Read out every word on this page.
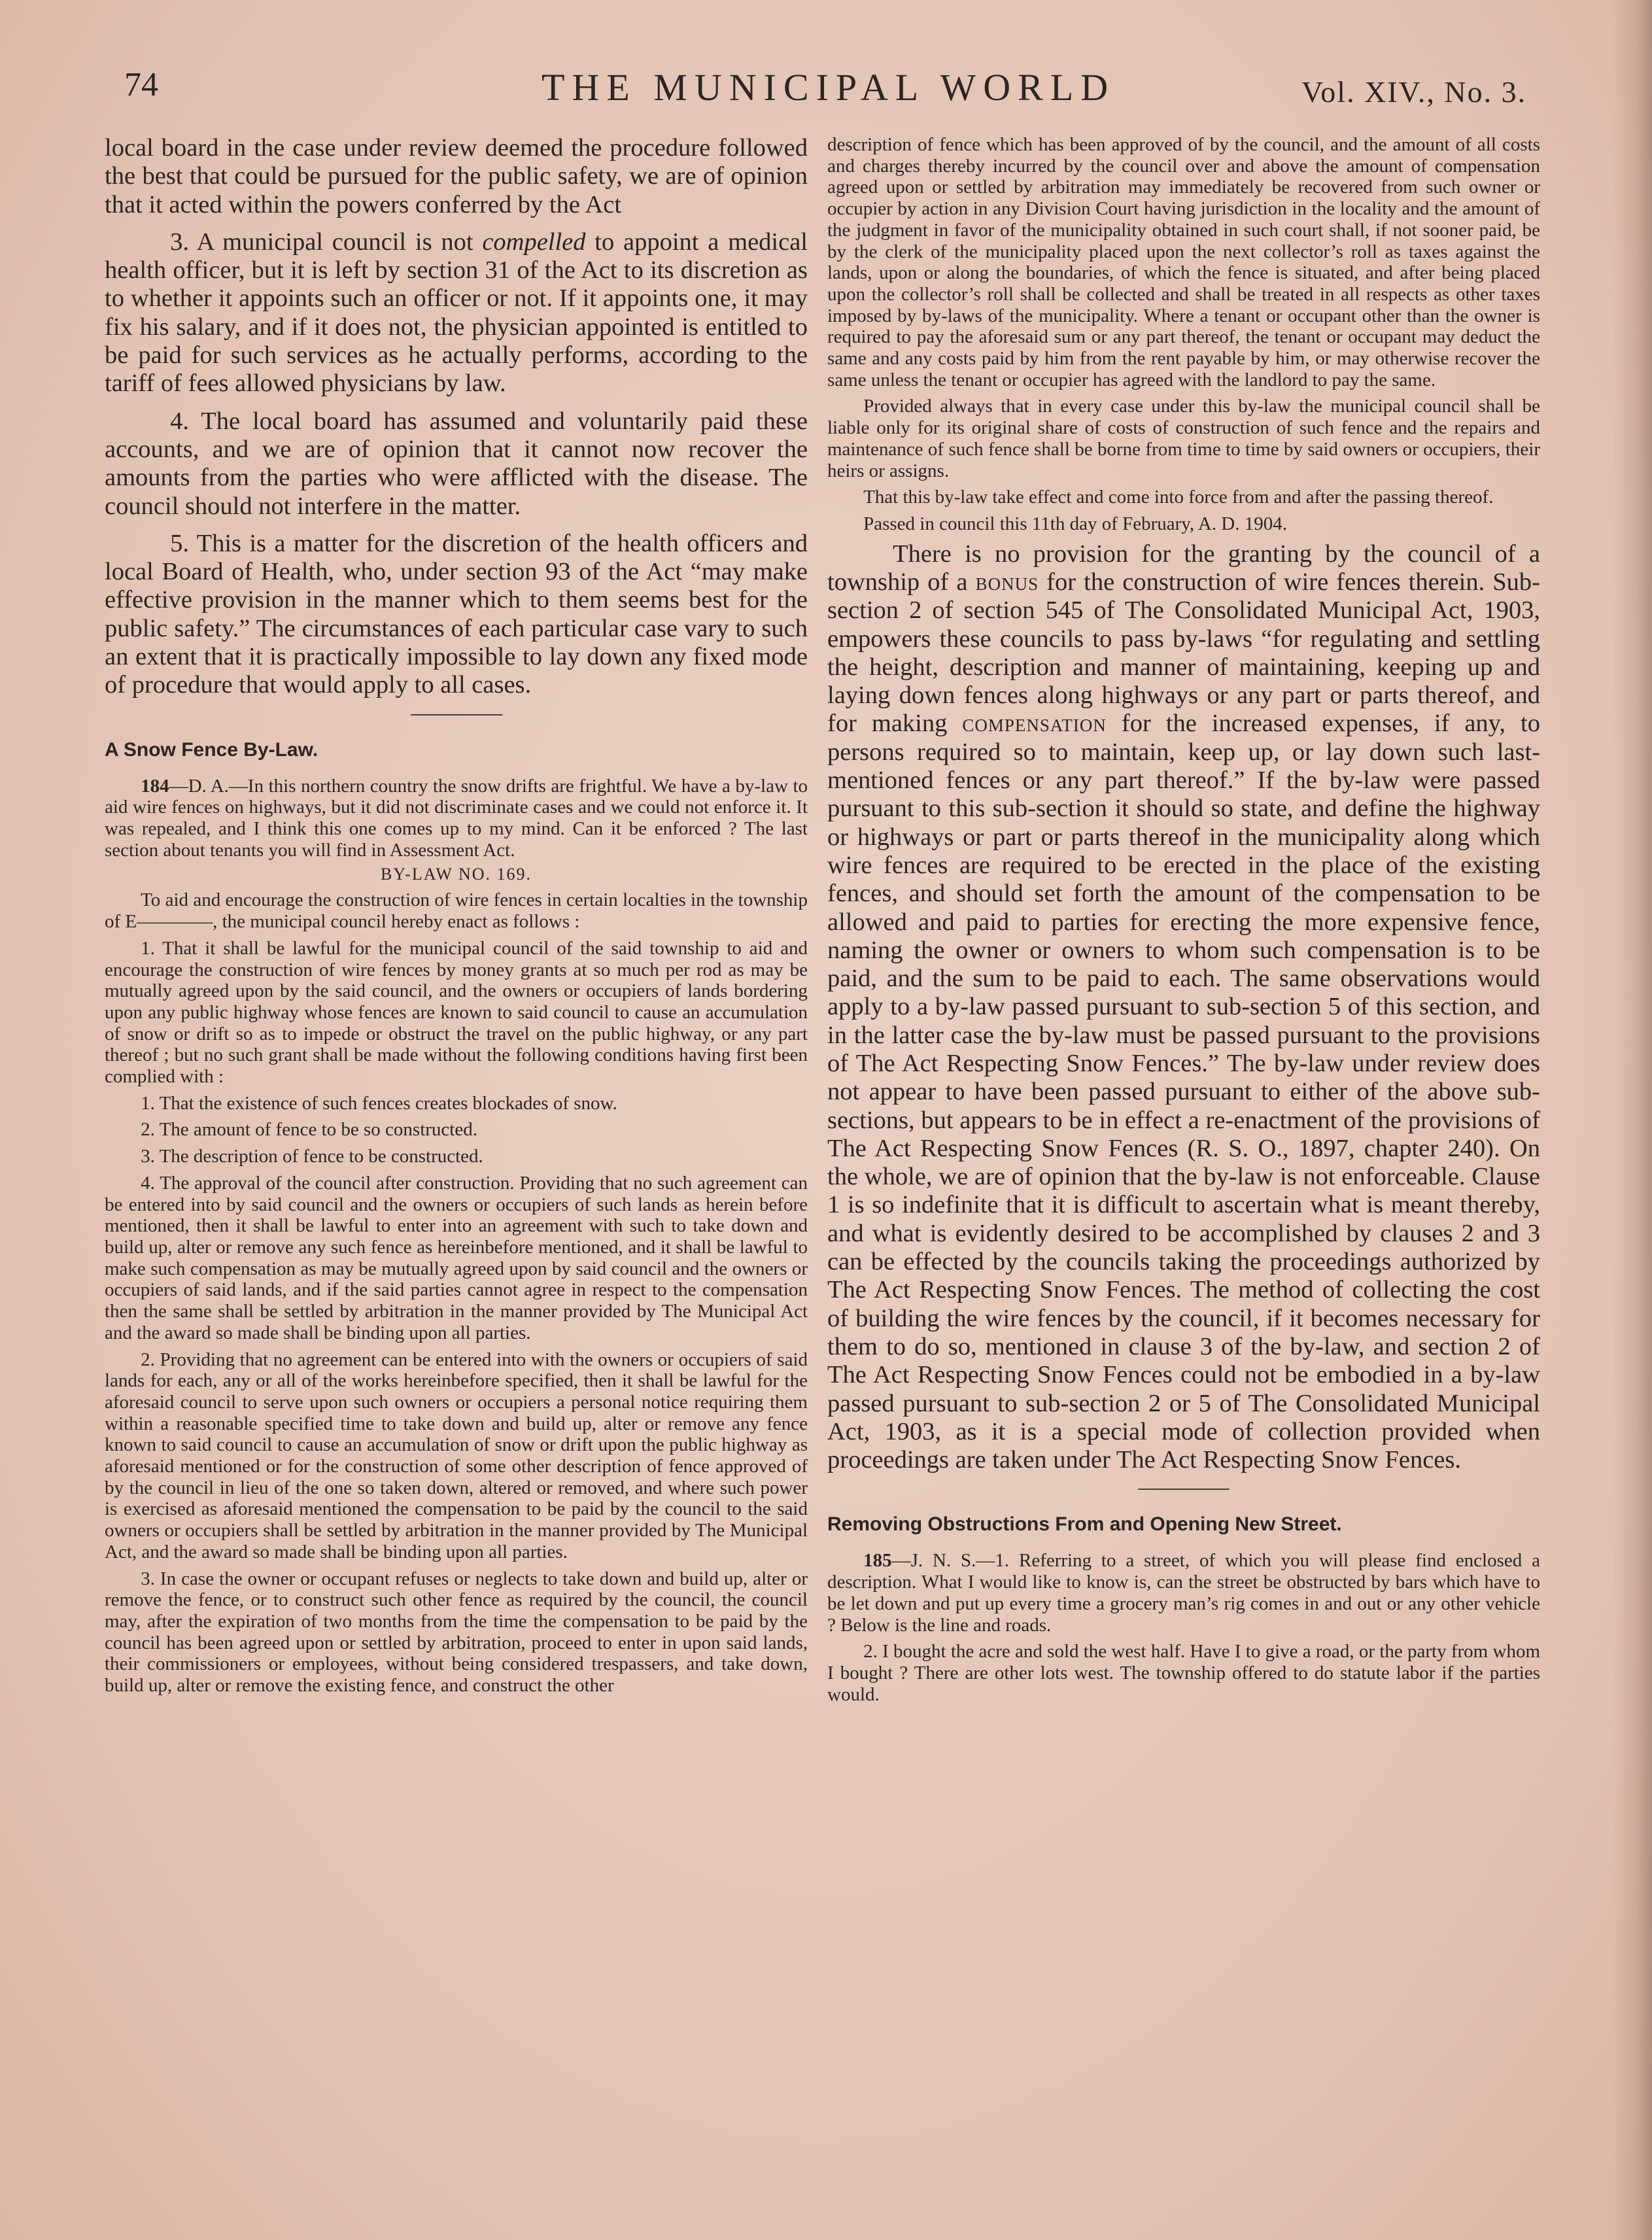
74	THE MUNICIPAL WORLD	Vol. XIV., No. 3.

local board in the case under review deemed the procedure followed the best that could be pursued for the public safety, we are of opinion that it acted within the powers conferred by the Act

3. A municipal council is not compelled to appoint a medical health officer, but it is left by section 31 of the Act to its discretion as to whether it appoints such an officer or not. If it appoints one, it may fix his salary, and if it does not, the physician appointed is entitled to be paid for such services as he actually performs, according to the tariff of fees allowed physicians by law.

4. The local board has assumed and voluntarily paid these accounts, and we are of opinion that it cannot now recover the amounts from the parties who were afflicted with the disease. The council should not interfere in the matter.

5. This is a matter for the discretion of the health officers and local Board of Health, who, under section 93 of the Act “may make effective provision in the manner which to them seems best for the public safety.” The circumstances of each particular case vary to such an extent that it is practically impossible to lay down any fixed mode of procedure that would apply to all cases.

A Snow Fence By-Law.

184—D. A.—In this northern country the snow drifts are frightful. We have a by-law to aid wire fences on highways, but it did not discriminate cases and we could not enforce it. It was repealed, and I think this one comes up to my mind. Can it be enforced ? The last section about tenants you will find in Assessment Act.

BY-LAW NO. 169.

To aid and encourage the construction of wire fences in certain localties in the township of E————, the municipal council hereby enact as follows :

1. That it shall be lawful for the municipal council of the said township to aid and encourage the construction of wire fences by money grants at so much per rod as may be mutually agreed upon by the said council, and the owners or occupiers of lands bordering upon any public highway whose fences are known to said council to cause an accumulation of snow or drift so as to impede or obstruct the travel on the public highway, or any part thereof ; but no such grant shall be made without the following conditions having first been complied with :

1. That the existence of such fences creates blockades of snow.

2. The amount of fence to be so constructed.

3. The description of fence to be constructed.

4. The approval of the council after construction. Providing that no such agreement can be entered into by said council and the owners or occupiers of such lands as herein before mentioned, then it shall be lawful to enter into an agreement with such to take down and build up, alter or remove any such fence as hereinbefore mentioned, and it shall be lawful to make such compensation as may be mutually agreed upon by said council and the owners or occupiers of said lands, and if the said parties cannot agree in respect to the compensation then the same shall be settled by arbitration in the manner provided by The Municipal Act and the award so made shall be binding upon all parties.

2. Providing that no agreement can be entered into with the owners or occupiers of said lands for each, any or all of the works hereinbefore specified, then it shall be lawful for the aforesaid council to serve upon such owners or occupiers a personal notice requiring them within a reasonable specified time to take down and build up, alter or remove any fence known to said council to cause an accumulation of snow or drift upon the public highway as aforesaid mentioned or for the construction of some other description of fence approved of by the council in lieu of the one so taken down, altered or removed, and where such power is exercised as aforesaid mentioned the compensation to be paid by the council to the said owners or occupiers shall be settled by arbitration in the manner provided by The Municipal Act, and the award so made shall be binding upon all parties.

3. In case the owner or occupant refuses or neglects to take down and build up, alter or remove the fence, or to construct such other fence as required by the council, the council may, after the expiration of two months from the time the compensation to be paid by the council has been agreed upon or settled by arbitration, proceed to enter in upon said lands, their commissioners or employees, without being considered trespassers, and take down, build up, alter or remove the existing fence, and construct the other

description of fence which has been approved of by the council, and the amount of all costs and charges thereby incurred by the council over and above the amount of compensation agreed upon or settled by arbitration may immediately be recovered from such owner or occupier by action in any Division Court having jurisdiction in the locality and the amount of the judgment in favor of the municipality obtained in such court shall, if not sooner paid, be by the clerk of the municipality placed upon the next collector’s roll as taxes against the lands, upon or along the boundaries, of which the fence is situated, and after being placed upon the collector’s roll shall be collected and shall be treated in all respects as other taxes imposed by by-laws of the municipality. Where a tenant or occupant other than the owner is required to pay the aforesaid sum or any part thereof, the tenant or occupant may deduct the same and any costs paid by him from the rent payable by him, or may otherwise recover the same unless the tenant or occupier has agreed with the landlord to pay the same.

Provided always that in every case under this by-law the municipal council shall be liable only for its original share of costs of construction of such fence and the repairs and maintenance of such fence shall be borne from time to time by said owners or occupiers, their heirs or assigns.

That this by-law take effect and come into force from and after the passing thereof.

Passed in council this 11th day of February, A. D. 1904.

There is no provision for the granting by the council of a township of a bonus for the construction of wire fences therein. Sub-section 2 of section 545 of The Consolidated Municipal Act, 1903, empowers these councils to pass by-laws “for regulating and settling the height, description and manner of maintaining, keeping up and laying down fences along highways or any part or parts thereof, and for making compensation for the increased expenses, if any, to persons required so to maintain, keep up, or lay down such last-mentioned fences or any part thereof.” If the by-law were passed pursuant to this sub-section it should so state, and define the highway or highways or part or parts thereof in the municipality along which wire fences are required to be erected in the place of the existing fences, and should set forth the amount of the compensation to be allowed and paid to parties for erecting the more expensive fence, naming the owner or owners to whom such compensation is to be paid, and the sum to be paid to each. The same observations would apply to a by-law passed pursuant to sub-section 5 of this section, and in the latter case the by-law must be passed pursuant to the provisions of The Act Respecting Snow Fences.” The by-law under review does not appear to have been passed pursuant to either of the above sub-sections, but appears to be in effect a re-enactment of the provisions of The Act Respecting Snow Fences (R. S. O., 1897, chapter 240). On the whole, we are of opinion that the by-law is not enforceable. Clause 1 is so indefinite that it is difficult to ascertain what is meant thereby, and what is evidently desired to be accomplished by clauses 2 and 3 can be effected by the councils taking the proceedings authorized by The Act Respecting Snow Fences. The method of collecting the cost of building the wire fences by the council, if it becomes necessary for them to do so, mentioned in clause 3 of the by-law, and section 2 of The Act Respecting Snow Fences could not be embodied in a by-law passed pursuant to sub-section 2 or 5 of The Consolidated Municipal Act, 1903, as it is a special mode of collection provided when proceedings are taken under The Act Respecting Snow Fences.

Removing Obstructions From and Opening New Street.

185—J. N. S.—1. Referring to a street, of which you will please find enclosed a description. What I would like to know is, can the street be obstructed by bars which have to be let down and put up every time a grocery man’s rig comes in and out or any other vehicle ? Below is the line and roads.

2. I bought the acre and sold the west half. Have I to give a road, or the party from whom I bought ? There are other lots west. The township offered to do statute labor if the parties would.
